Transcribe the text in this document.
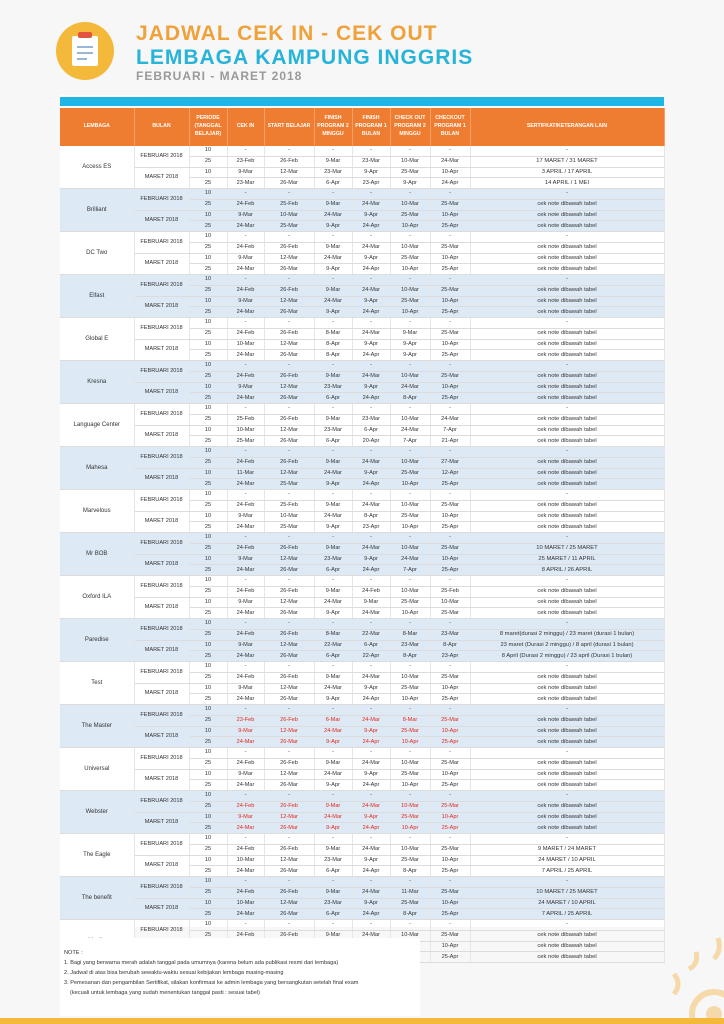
JADWAL CEK IN - CEK OUT
LEMBAGA KAMPUNG INGGRIS
FEBRUARI - MARET 2018
LEMBAGA	BULAN	PERIODE (TANGGAL BELAJAR)	CEK IN	START BELAJAR	FINISH PROGRAM 2 MINGGU	FINISH PROGRAM 1 BULAN	CHECK OUT PROGRAM 2 MINGGU	CHECKOUT PROGRAM 1 BULAN	SERTIFKAT/KETERANGAN LAIN
Access ES	FEBRUARI 2018	10	-	-	-	-	-	-	-
		25	23-Feb	26-Feb	9-Mar	23-Mar	10-Mar	24-Mar	17 MARET / 31 MARET
	MARET 2018	10	9-Mar	12-Mar	23-Mar	9-Apr	25-Mar	10-Apr	3 APRIL / 17 APRIL
		25	23-Mar	26-Mar	6-Apr	23-Apr	9-Apr	24-Apr	14 APRIL / 1 MEI
Brilliant	FEBRUARI 2018	10	-	-	-	-	-	-	-
		25	24-Feb	25-Feb	9-Mar	24-Mar	10-Mar	25-Mar	cek note dibawah tabel
	MARET 2018	10	9-Mar	10-Mar	24-Mar	9-Apr	25-Mar	10-Apr	cek note dibawah tabel
		25	24-Mar	25-Mar	9-Apr	24-Apr	10-Apr	25-Apr	cek note dibawah tabel
DC Two	FEBRUARI 2018	10	-	-	-	-	-	-	-
		25	24-Feb	26-Feb	9-Mar	24-Mar	10-Mar	25-Mar	cek note dibawah tabel
	MARET 2018	10	9-Mar	12-Mar	24-Mar	9-Apr	25-Mar	10-Apr	cek note dibawah tabel
		25	24-Mar	26-Mar	9-Apr	24-Apr	10-Apr	25-Apr	cek note dibawah tabel
Elfast	FEBRUARI 2018	10	-	-	-	-	-	-	-
		25	24-Feb	26-Feb	9-Mar	24-Mar	10-Mar	25-Mar	cek note dibawah tabel
	MARET 2018	10	9-Mar	12-Mar	24-Mar	9-Apr	25-Mar	10-Apr	cek note dibawah tabel
		25	24-Mar	26-Mar	9-Apr	24-Apr	10-Apr	25-Apr	cek note dibawah tabel
Global E	FEBRUARI 2018	10	-	-	-	-	-	-	-
		25	24-Feb	26-Feb	8-Mar	24-Mar	9-Mar	25-Mar	cek note dibawah tabel
	MARET 2018	10	10-Mar	12-Mar	8-Apr	9-Apr	9-Apr	10-Apr	cek note dibawah tabel
		25	24-Mar	26-Mar	8-Apr	24-Apr	9-Apr	25-Apr	cek note dibawah tabel
Kresna	FEBRUARI 2018	10	-	-	-	-	-	-	-
		25	24-Feb	26-Feb	9-Mar	24-Mar	10-Mar	25-Mar	cek note dibawah tabel
	MARET 2018	10	9-Mar	12-Mar	23-Mar	9-Apr	24-Mar	10-Apr	cek note dibawah tabel
		25	24-Mar	26-Mar	6-Apr	24-Apr	8-Apr	25-Apr	cek note dibawah tabel
Language Center	FEBRUARI 2018	10	-	-	-	-	-	-	-
		25	25-Feb	26-Feb	9-Mar	23-Mar	10-Mar	24-Mar	cek note dibawah tabel
	MARET 2018	10	10-Mar	12-Mar	23-Mar	6-Apr	24-Mar	7-Apr	cek note dibawah tabel
		25	25-Mar	26-Mar	6-Apr	20-Apr	7-Apr	21-Apr	cek note dibawah tabel
Mahesa	FEBRUARI 2018	10	-	-	-	-	-	-	-
		25	24-Feb	26-Feb	9-Mar	24-Mar	10-Mar	27-Mar	cek note dibawah tabel
	MARET 2018	10	11-Mar	12-Mar	24-Mar	9-Apr	25-Mar	12-Apr	cek note dibawah tabel
		25	24-Mar	25-Mar	9-Apr	24-Apr	10-Apr	25-Apr	cek note dibawah tabel
Marvelous	FEBRUARI 2018	10	-	-	-	-	-	-	-
		25	24-Feb	25-Feb	9-Mar	24-Mar	10-Mar	25-Mar	cek note dibawah tabel
	MARET 2018	10	9-Mar	10-Mar	24-Mar	8-Apr	25-Mar	10-Apr	cek note dibawah tabel
		25	24-Mar	25-Mar	9-Apr	23-Apr	10-Apr	25-Apr	cek note dibawah tabel
Mr BOB	FEBRUARI 2018	10	-	-	-	-	-	-	-
		25	24-Feb	26-Feb	9-Mar	24-Mar	10-Mar	25-Mar	10 MARET / 25 MARET
	MARET 2018	10	9-Mar	12-Mar	23-Mar	9-Apr	24-Mar	10-Apr	25 MARET / 11 APRIL
		25	24-Mar	26-Mar	6-Apr	24-Apr	7-Apr	25-Apr	8 APRIL / 26 APRIL
Oxford ILA	FEBRUARI 2018	10	-	-	-	-	-	-	-
		25	24-Feb	26-Feb	9-Mar	24-Feb	10-Mar	25-Feb	cek note dibawah tabel
	MARET 2018	10	9-Mar	12-Mar	24-Mar	9-Mar	25-Mar	10-Mar	cek note dibawah tabel
		25	24-Mar	26-Mar	9-Apr	24-Mar	10-Apr	25-Mar	cek note dibawah tabel
Paredise	FEBRUARI 2018	10	-	-	-	-	-	-	-
		25	24-Feb	26-Feb	8-Mar	22-Mar	8-Mar	23-Mar	8 maret(durasi 2 minggu) / 23 maret (durasi 1 bulan)
	MARET 2018	10	9-Mar	12-Mar	22-Mar	6-Apr	23-Mar	8-Apr	23 maret (Durasi 2 minggu) / 8 april (durasi 1 bulan)
		25	24-Mar	26-Mar	6-Apr	22-Apr	8-Apr	23-Apr	8 April (Durasi 2 minggu) / 23 april (Durasi 1 bulan)
Test	FEBRUARI 2018	10	-	-	-	-	-	-	-
		25	24-Feb	26-Feb	9-Mar	24-Mar	10-Mar	25-Mar	cek note dibawah tabel
	MARET 2018	10	9-Mar	12-Mar	24-Mar	9-Apr	25-Mar	10-Apr	cek note dibawah tabel
		25	24-Mar	26-Mar	9-Apr	24-Apr	10-Apr	25-Apr	cek note dibawah tabel
The Master	FEBRUARI 2018	10	-	-	-	-	-	-	-
		25	23-Feb	26-Feb	6-Mar	24-Mar	8-Mar	25-Mar	cek note dibawah tabel
	MARET 2018	10	9-Mar	12-Mar	24-Mar	9-Apr	25-Mar	10-Apr	cek note dibawah tabel
		25	24-Mar	26-Mar	9-Apr	24-Apr	10-Apr	25-Apr	cek note dibawah tabel
Universal	FEBRUARI 2018	10	-	-	-	-	-	-	-
		25	24-Feb	26-Feb	9-Mar	24-Mar	10-Mar	25-Mar	cek note dibawah tabel
	MARET 2018	10	9-Mar	12-Mar	24-Mar	9-Apr	25-Mar	10-Apr	cek note dibawah tabel
		25	24-Mar	26-Mar	9-Apr	24-Apr	10-Apr	25-Apr	cek note dibawah tabel
Webster	FEBRUARI 2018	10	-	-	-	-	-	-	-
		25	24-Feb	26-Feb	9-Mar	24-Mar	10-Mar	25-Mar	cek note dibawah tabel
	MARET 2018	10	9-Mar	12-Mar	24-Mar	9-Apr	25-Mar	10-Apr	cek note dibawah tabel
		25	24-Mar	26-Mar	9-Apr	24-Apr	10-Apr	25-Apr	cek note dibawah tabel
The Eagle	FEBRUARI 2018	10	-	-	-	-	-	-	-
		25	24-Feb	26-Feb	9-Mar	24-Mar	10-Mar	25-Mar	9 MARET / 24 MARET
	MARET 2018	10	10-Mar	12-Mar	23-Mar	9-Apr	25-Mar	10-Apr	24 MARET / 10 APRIL
		25	24-Mar	26-Mar	6-Apr	24-Apr	8-Apr	25-Apr	7 APRIL / 25 APRIL
The benefit	FEBRUARI 2018	10	-	-	-	-	-	-	-
		25	24-Feb	26-Feb	9-Mar	24-Mar	11-Mar	25-Mar	10 MARET / 25 MARET
	MARET 2018	10	10-Mar	12-Mar	23-Mar	9-Apr	25-Mar	10-Apr	24 MARET / 10 APRIL
		25	24-Mar	26-Mar	6-Apr	24-Apr	8-Apr	25-Apr	7 APRIL / 25 APRIL
	FEBRUARI 2018	10	-	-	-	-	-	-	-
		25	24-Feb	26-Feb	9-Mar	24-Mar	10-Mar	25-Mar	cek note dibawah tabel
							10-Apr	cek note dibawah tabel
						25-Apr	cek note dibawah tabel
NOTE :
1. Bagi yang berwarna merah adalah tanggal pada umumnya (karena belum ada publikasi resmi dari lembaga)
2. Jadwal di atas bisa berubah sewaktu-waktu sesuai kebijakan lembaga masing-masing
3. Pemesanan dan pengambilan Sertifikat, silakan konfirmasi ke admin lembaga yang bersangkutan setelah final exam
(kecuali untuk lembaga yang sudah menentukan tanggal pasti : sesuai tabel)
